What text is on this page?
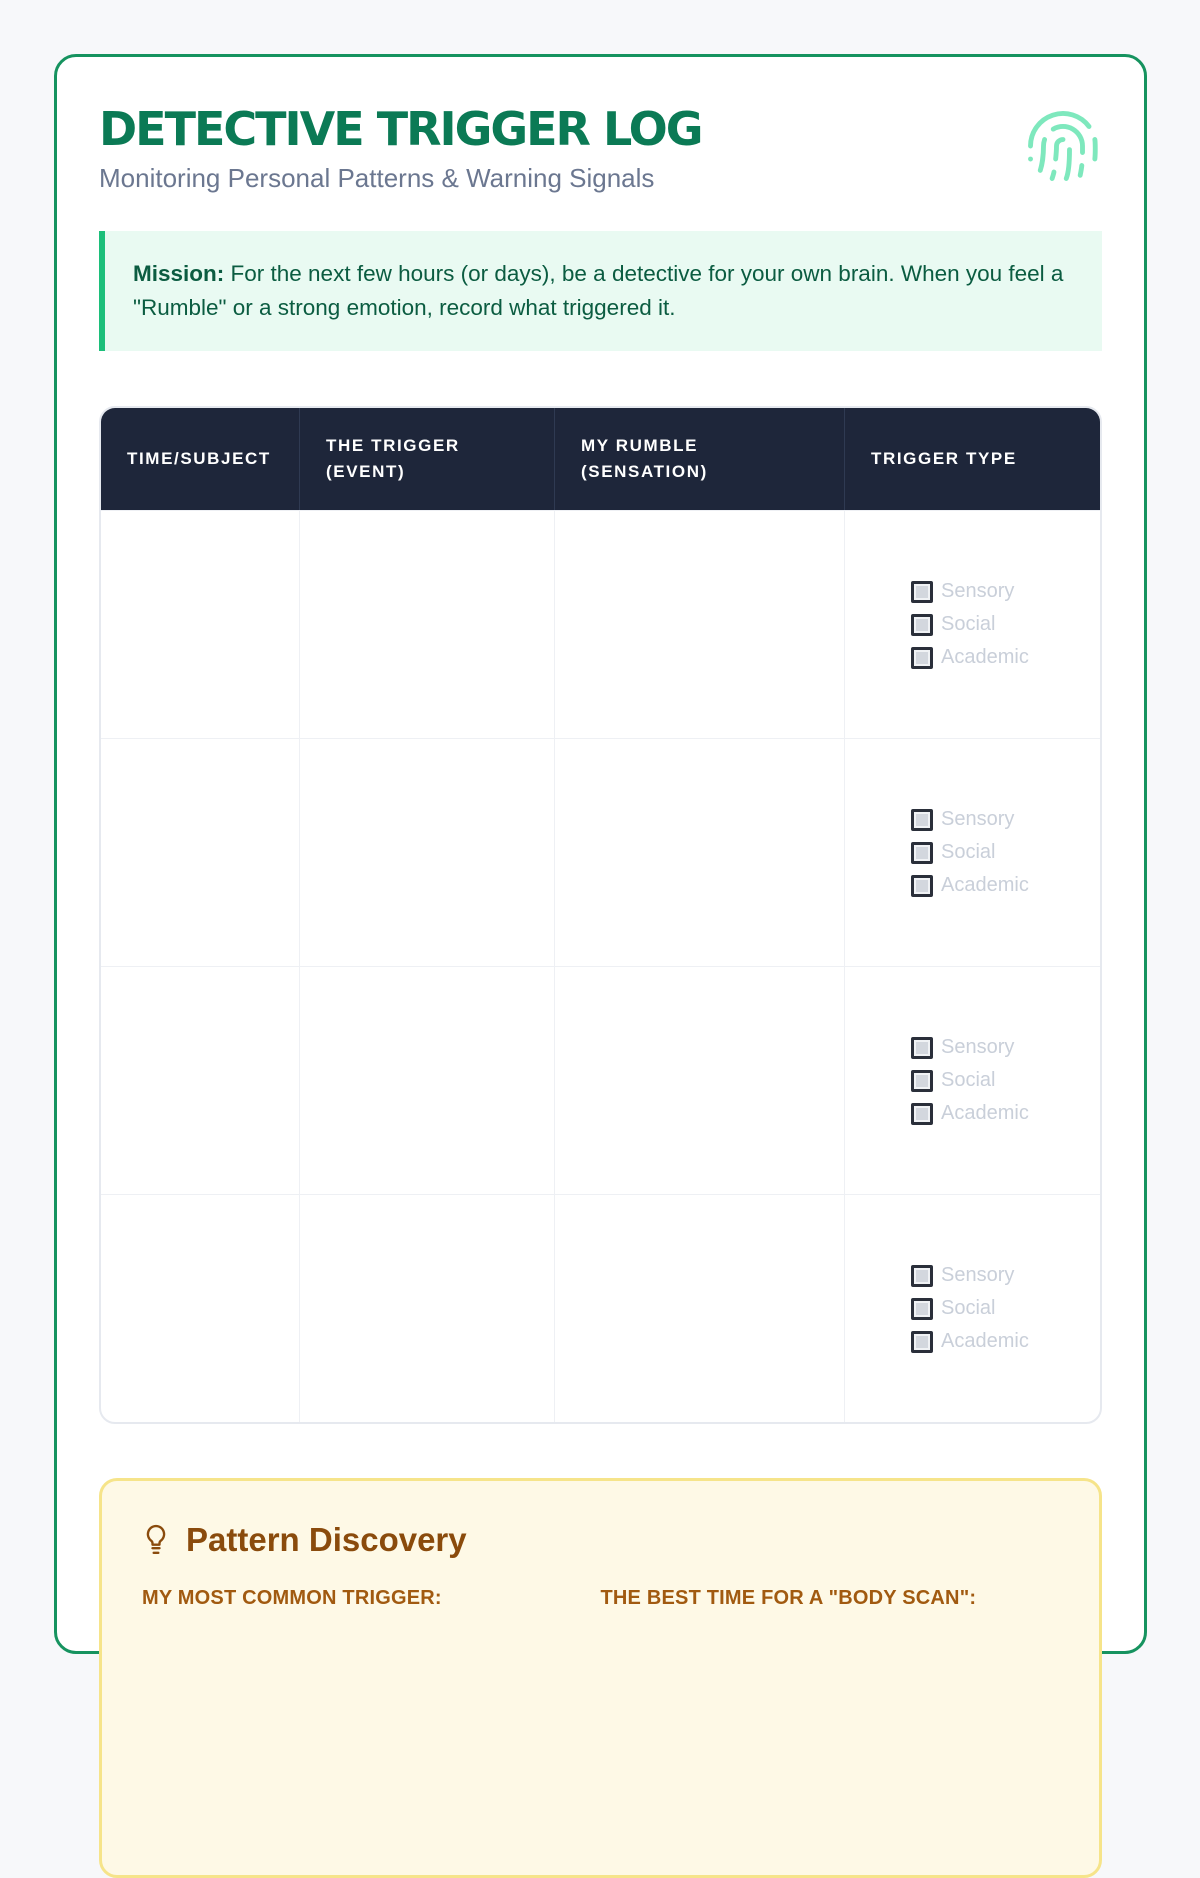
DETECTIVE TRIGGER LOG
Monitoring Personal Patterns & Warning Signals
Mission: For the next few hours (or days), be a detective for your own brain. When you feel a "Rumble" or a strong emotion, record what triggered it.
TIME/SUBJECT
THE TRIGGER (EVENT)
MY RUMBLE (SENSATION)
TRIGGER TYPE
Sensory
Social
Academic
Sensory
Social
Academic
Sensory
Social
Academic
Sensory
Social
Academic
Pattern Discovery
MY MOST COMMON TRIGGER:	THE BEST TIME FOR A "BODY SCAN":
